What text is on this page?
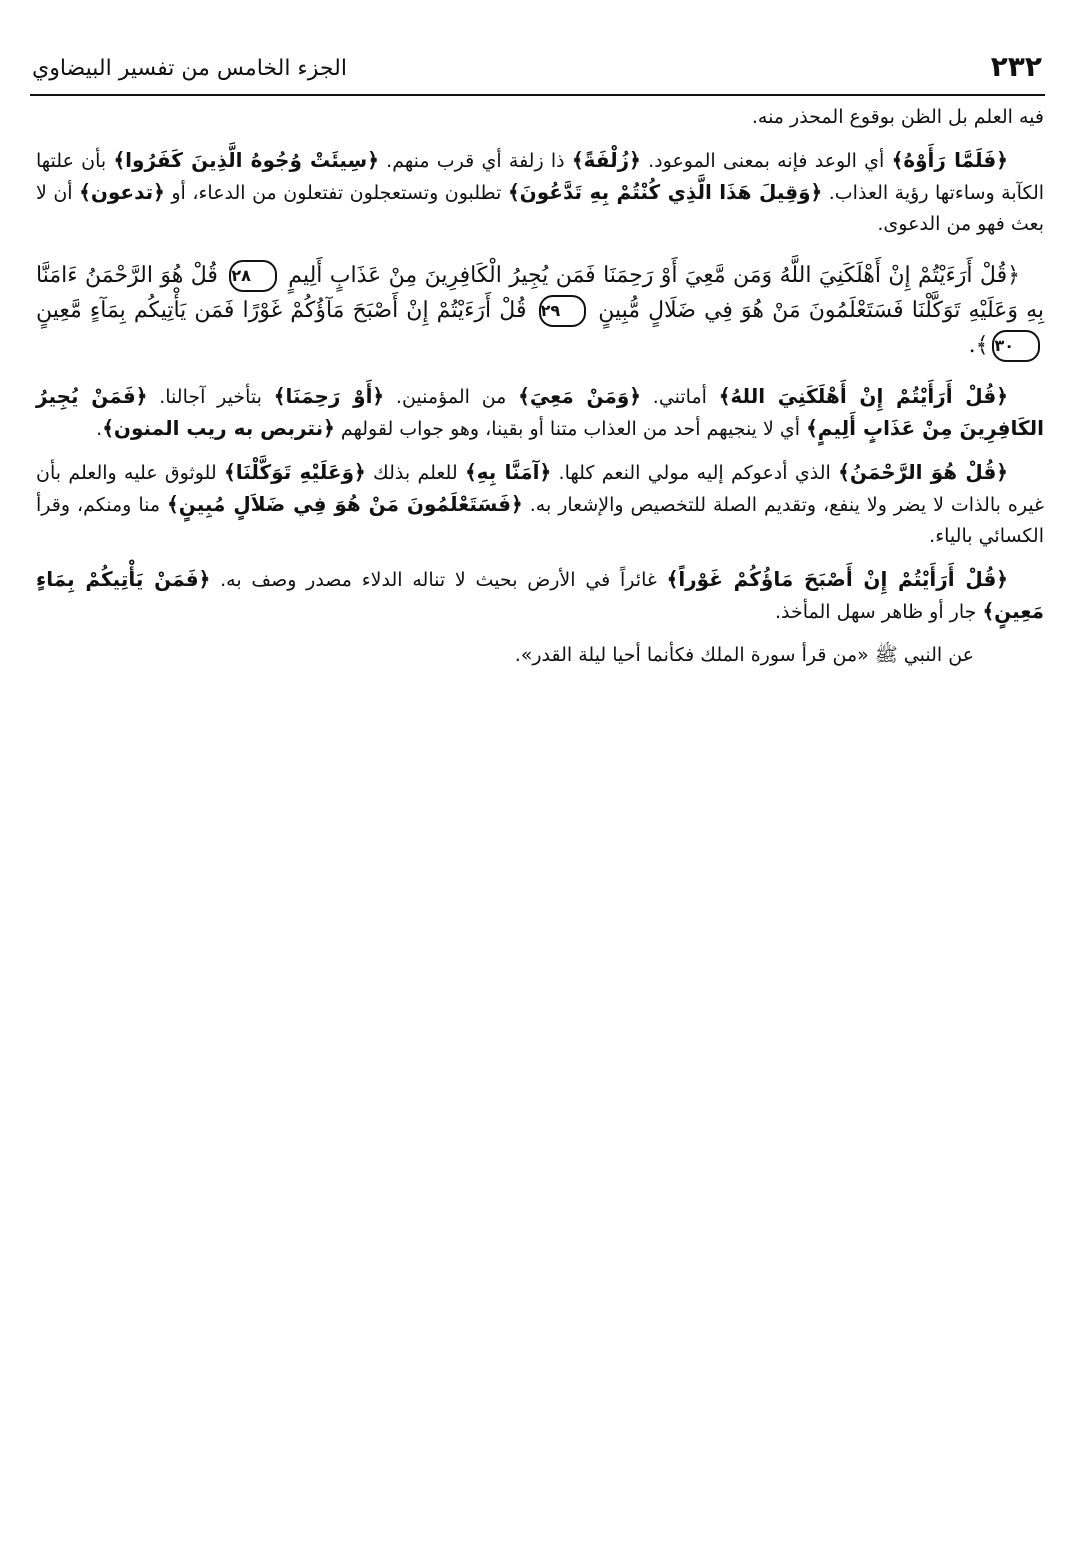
٢٣٢
الجزء الخامس من تفسير البيضاوي

فيه العلم بل الظن بوقوع المحذر منه.

﴿فَلَمَّا رَأَوْهُ﴾ أي الوعد فإنه بمعنى الموعود. ﴿زُلْفَةً﴾ ذا زلفة أي قرب منهم. ﴿سِيئَتْ وُجُوهُ الَّذِينَ كَفَرُوا﴾ بأن علتها الكآبة وساءتها رؤية العذاب. ﴿وَقِيلَ هَذَا الَّذِي كُنْتُمْ بِهِ تَدَّعُونَ﴾ تطلبون وتستعجلون تفتعلون من الدعاء، أو ﴿تدعون﴾ أن لا بعث فهو من الدعوى.

﴿قُلْ أَرَءَيْتُمْ إِنْ أَهْلَكَنِيَ اللَّهُ وَمَن مَّعِيَ أَوْ رَحِمَنَا فَمَن يُجِيرُ الْكَافِرِينَ مِنْ عَذَابٍ أَلِيمٍ ٢٨ قُلْ هُوَ الرَّحْمَنُ ءَامَنَّا بِهِ وَعَلَيْهِ تَوَكَّلْنَا فَسَتَعْلَمُونَ مَنْ هُوَ فِي ضَلَالٍ مُّبِينٍ ٢٩ قُلْ أَرَءَيْتُمْ إِنْ أَصْبَحَ مَآؤُكُمْ غَوْرًا فَمَن يَأْتِيكُم بِمَآءٍ مَّعِينٍ ٣٠﴾.

﴿قُلْ أَرَأَيْتُمْ إِنْ أَهْلَكَنِيَ اللهُ﴾ أماتني. ﴿وَمَنْ مَعِيَ﴾ من المؤمنين. ﴿أَوْ رَحِمَنَا﴾ بتأخير آجالنا. ﴿فَمَنْ يُجِيرُ الكَافِرِينَ مِنْ عَذَابٍ أَلِيمٍ﴾ أي لا ينجيهم أحد من العذاب متنا أو بقينا، وهو جواب لقولهم ﴿نتربص به ريب المنون﴾.

﴿قُلْ هُوَ الرَّحْمَنُ﴾ الذي أدعوكم إليه مولي النعم كلها. ﴿آمَنَّا بِهِ﴾ للعلم بذلك ﴿وَعَلَيْهِ تَوَكَّلْنَا﴾ للوثوق عليه والعلم بأن غيره بالذات لا يضر ولا ينفع، وتقديم الصلة للتخصيص والإشعار به. ﴿فَسَتَعْلَمُونَ مَنْ هُوَ فِي ضَلاَلٍ مُبِينٍ﴾ منا ومنكم، وقرأ الكسائي بالياء.

﴿قُلْ أَرَأَيْتُمْ إِنْ أَصْبَحَ مَاؤُكُمْ غَوْراً﴾ غائراً في الأرض بحيث لا تناله الدلاء مصدر وصف به. ﴿فَمَنْ يَأْتِيكُمْ بِمَاءٍ مَعِينٍ﴾ جار أو ظاهر سهل المأخذ.

عن النبي ﷺ «من قرأ سورة الملك فكأنما أحيا ليلة القدر».
